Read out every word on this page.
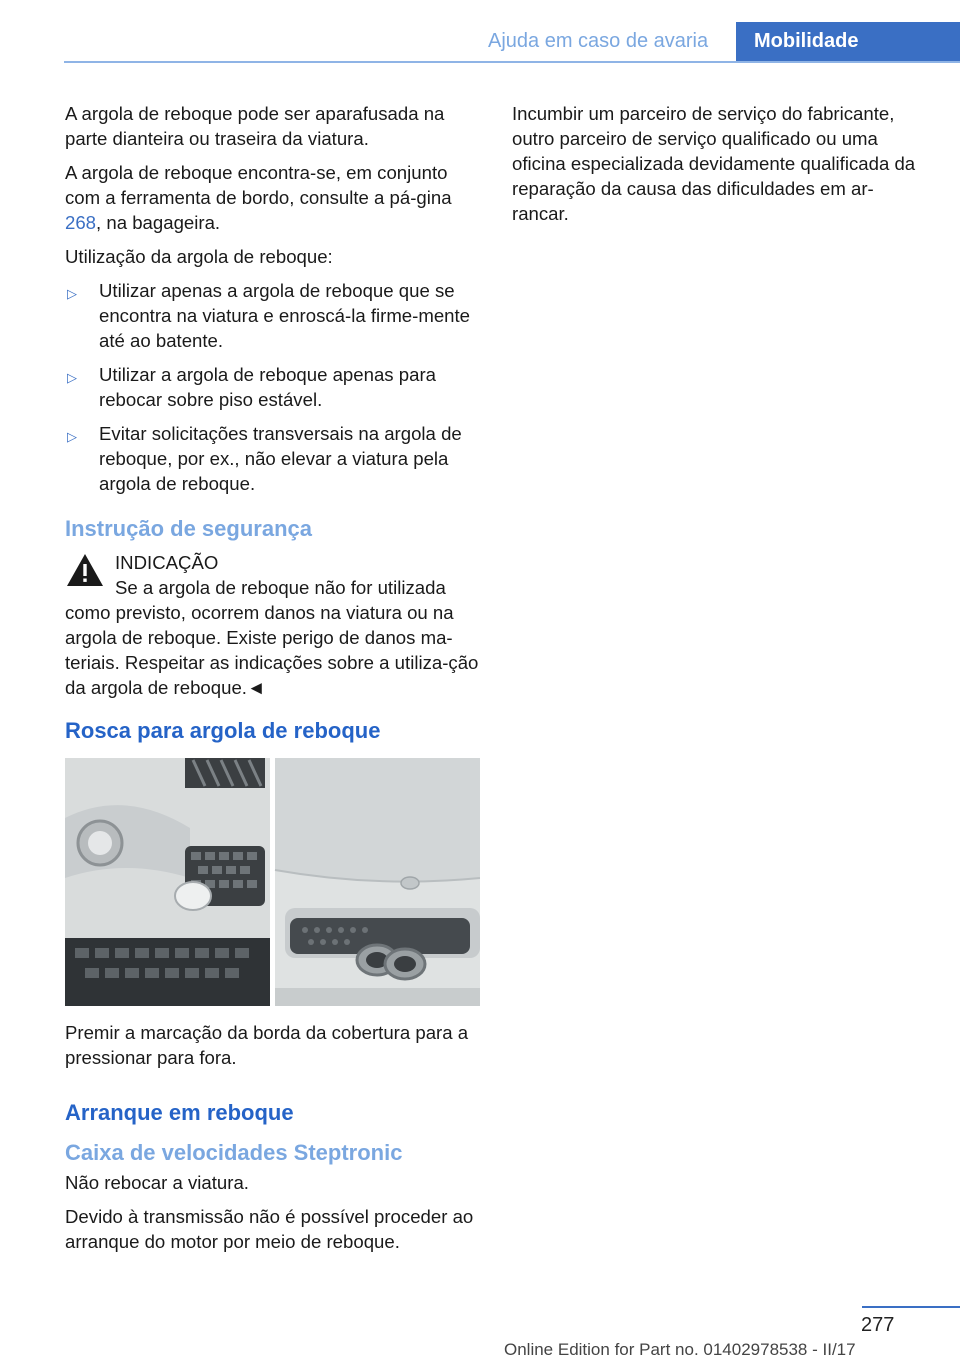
Ajuda em caso de avaria	Mobilidade

A argola de reboque pode ser aparafusada na parte dianteira ou traseira da viatura.

A argola de reboque encontra-se, em conjunto com a ferramenta de bordo, consulte a pá-gina 268, na bagageira.

Utilização da argola de reboque:

▷ Utilizar apenas a argola de reboque que se encontra na viatura e enroscá-la firme-mente até ao batente.
▷ Utilizar a argola de reboque apenas para rebocar sobre piso estável.
▷ Evitar solicitações transversais na argola de reboque, por ex., não elevar a viatura pela argola de reboque.
Instrução de segurança

INDICAÇÃO

Se a argola de reboque não for utilizada
como previsto, ocorrem danos na viatura ou na argola de reboque. Existe perigo de danos ma-teriais. Respeitar as indicações sobre a utiliza-ção da argola de reboque.◄

Rosca para argola de reboque

Premir a marcação da borda da cobertura para a pressionar para fora.

Arranque em reboque
Caixa de velocidades Steptronic

Não rebocar a viatura.

Devido à transmissão não é possível proceder ao arranque do motor por meio de reboque.

Incumbir um parceiro de serviço do fabricante, outro parceiro de serviço qualificado ou uma oficina especializada devidamente qualificada da reparação da causa das dificuldades em ar-rancar.

277
Online Edition for Part no. 01402978538 - II/17
